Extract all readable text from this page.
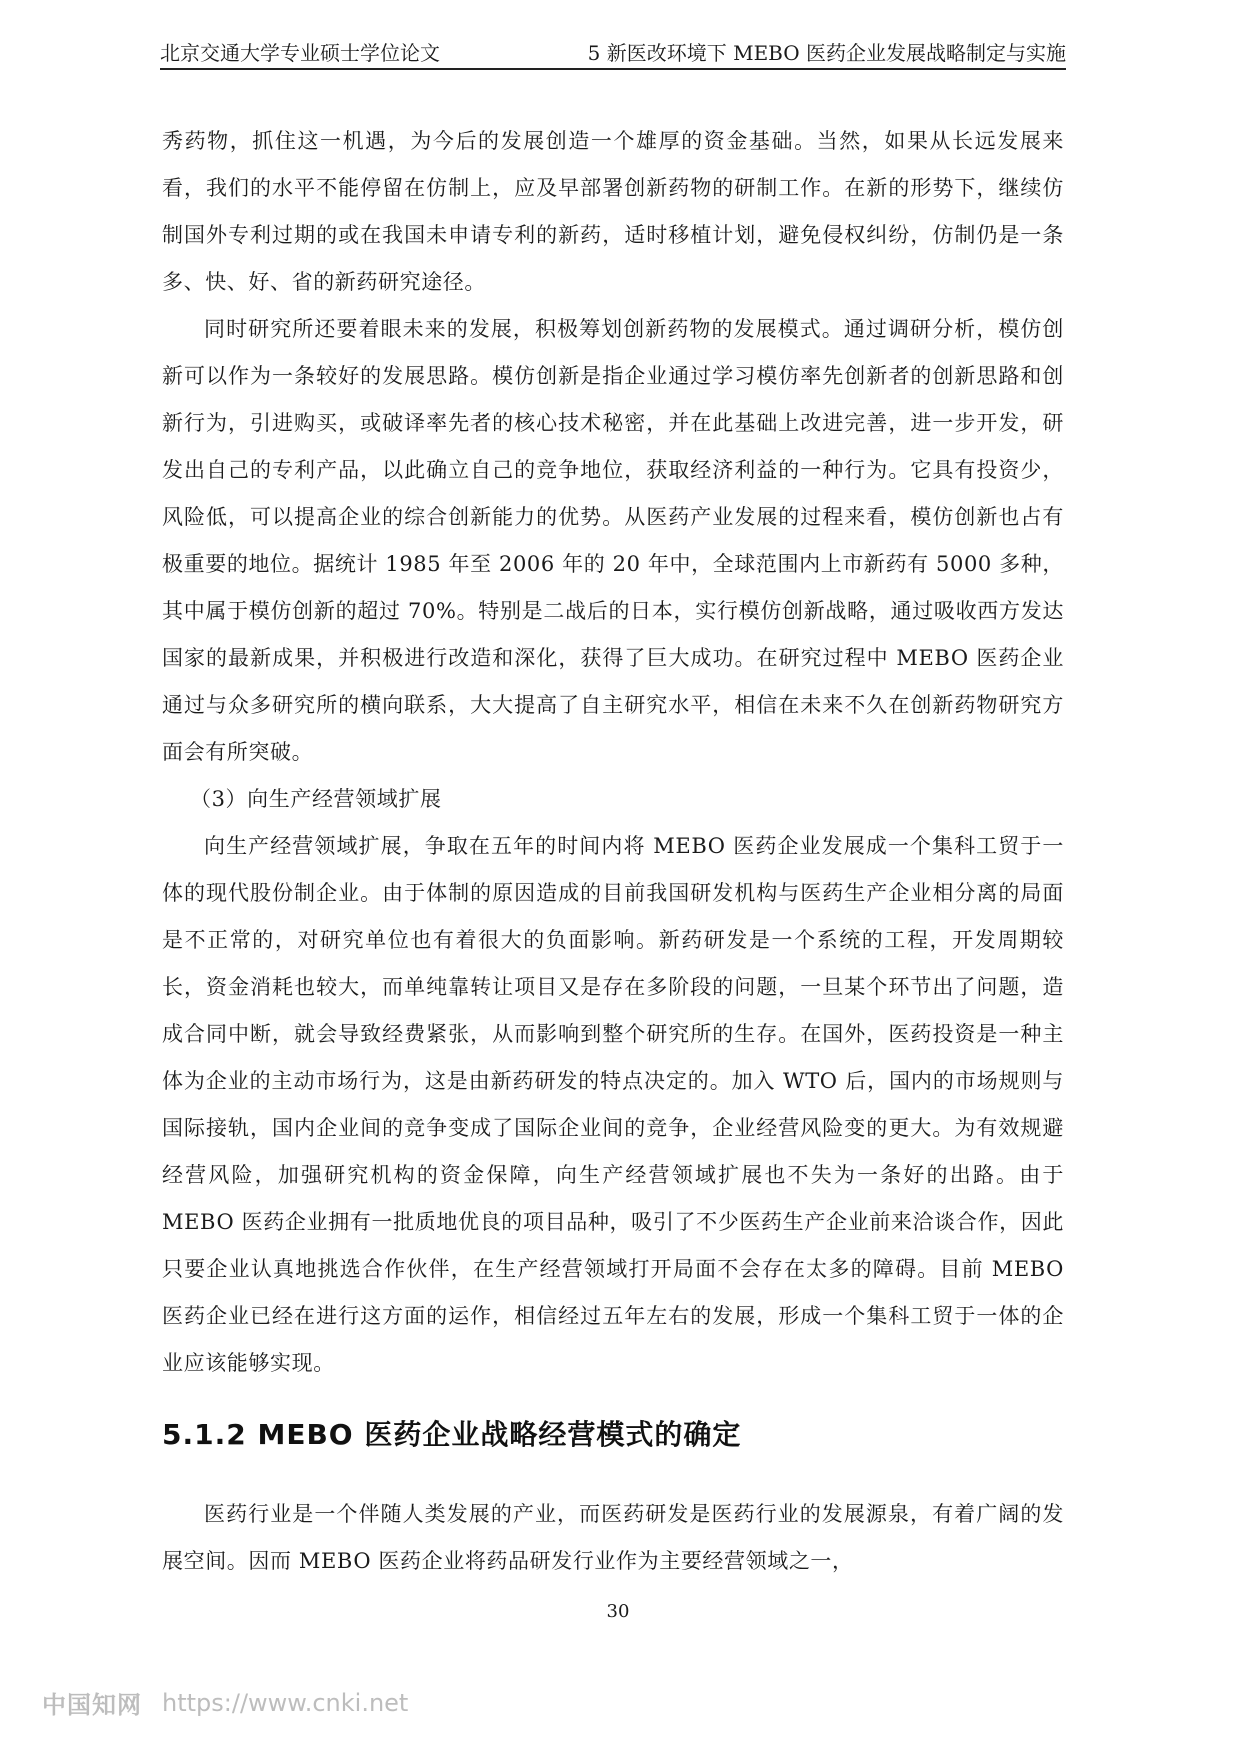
北京交通大学专业硕士学位论文	5 新医改环境下 MEBO 医药企业发展战略制定与实施

秀药物，抓住这一机遇，为今后的发展创造一个雄厚的资金基础。当然，如果从长远发展来看，我们的水平不能停留在仿制上，应及早部署创新药物的研制工作。在新的形势下，继续仿制国外专利过期的或在我国未申请专利的新药，适时移植计划，避免侵权纠纷，仿制仍是一条多、快、好、省的新药研究途径。

同时研究所还要着眼未来的发展，积极筹划创新药物的发展模式。通过调研分析，模仿创新可以作为一条较好的发展思路。模仿创新是指企业通过学习模仿率先创新者的创新思路和创新行为，引进购买，或破译率先者的核心技术秘密，并在此基础上改进完善，进一步开发，研发出自己的专利产品，以此确立自己的竞争地位，获取经济利益的一种行为。它具有投资少，风险低，可以提高企业的综合创新能力的优势。从医药产业发展的过程来看，模仿创新也占有极重要的地位。据统计 1985 年至 2006 年的 20 年中，全球范围内上市新药有 5000 多种，其中属于模仿创新的超过 70%。特别是二战后的日本，实行模仿创新战略，通过吸收西方发达国家的最新成果，并积极进行改造和深化，获得了巨大成功。在研究过程中 MEBO 医药企业通过与众多研究所的横向联系，大大提高了自主研究水平，相信在未来不久在创新药物研究方面会有所突破。

（3）向生产经营领域扩展

向生产经营领域扩展，争取在五年的时间内将 MEBO 医药企业发展成一个集科工贸于一体的现代股份制企业。由于体制的原因造成的目前我国研发机构与医药生产企业相分离的局面是不正常的，对研究单位也有着很大的负面影响。新药研发是一个系统的工程，开发周期较长，资金消耗也较大，而单纯靠转让项目又是存在多阶段的问题，一旦某个环节出了问题，造成合同中断，就会导致经费紧张，从而影响到整个研究所的生存。在国外，医药投资是一种主体为企业的主动市场行为，这是由新药研发的特点决定的。加入 WTO 后，国内的市场规则与国际接轨，国内企业间的竞争变成了国际企业间的竞争，企业经营风险变的更大。为有效规避经营风险，加强研究机构的资金保障，向生产经营领域扩展也不失为一条好的出路。由于 MEBO 医药企业拥有一批质地优良的项目品种，吸引了不少医药生产企业前来洽谈合作，因此只要企业认真地挑选合作伙伴，在生产经营领域打开局面不会存在太多的障碍。目前 MEBO 医药企业已经在进行这方面的运作，相信经过五年左右的发展，形成一个集科工贸于一体的企业应该能够实现。

5.1.2 MEBO 医药企业战略经营模式的确定

医药行业是一个伴随人类发展的产业，而医药研发是医药行业的发展源泉，有着广阔的发展空间。因而 MEBO 医药企业将药品研发行业作为主要经营领域之一，

30
中国知网 https://www.cnki.net
